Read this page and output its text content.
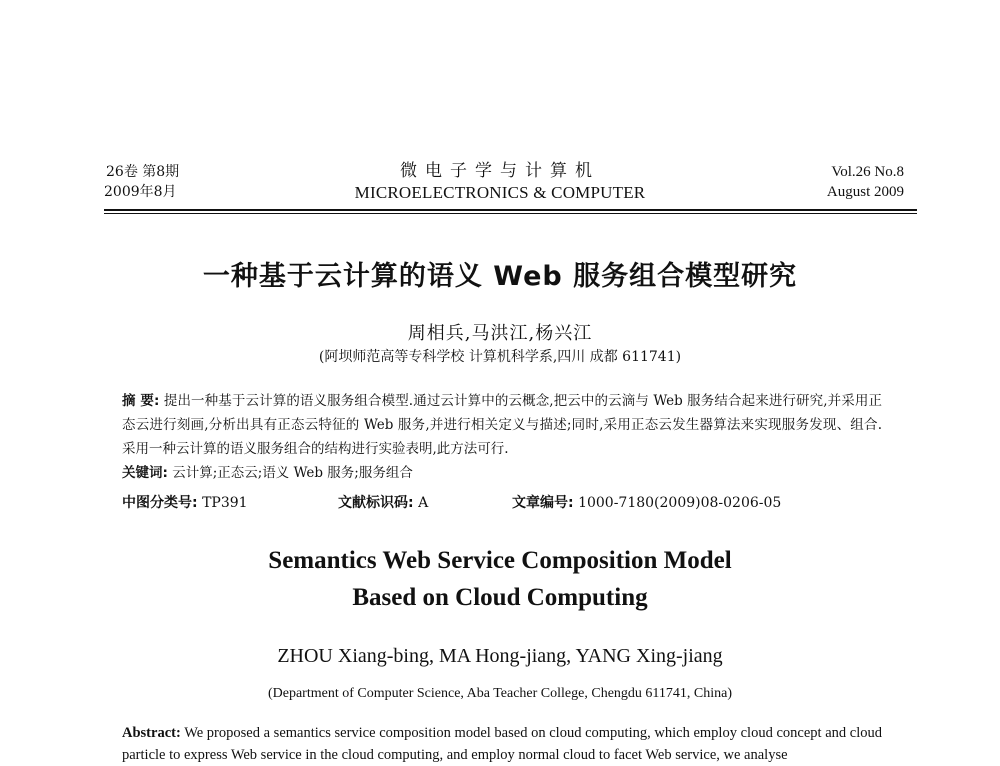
26卷 第8期
2009年8月
微电子学与计算机
MICROELECTRONICS & COMPUTER
Vol.26 No.8
August 2009
一种基于云计算的语义 Web 服务组合模型研究
周相兵,马洪江,杨兴江
(阿坝师范高等专科学校 计算机科学系,四川 成都 611741)
摘 要: 提出一种基于云计算的语义服务组合模型.通过云计算中的云概念,把云中的云滴与 Web 服务结合起来进行研究,并采用正态云进行刻画,分析出具有正态云特征的 Web 服务,并进行相关定义与描述;同时,采用正态云发生器算法来实现服务发现、组合.采用一种云计算的语义服务组合的结构进行实验表明,此方法可行.
关键词: 云计算;正态云;语义 Web 服务;服务组合
中图分类号: TP391	文献标识码: A	文章编号: 1000-7180(2009)08-0206-05
Semantics Web Service Composition Model
Based on Cloud Computing
ZHOU Xiang-bing, MA Hong-jiang, YANG Xing-jiang
(Department of Computer Science, Aba Teacher College, Chengdu 611741, China)
Abstract: We proposed a semantics service composition model based on cloud computing, which employ cloud concept and cloud particle to express Web service in the cloud computing, and employ normal cloud to facet Web service, we analyse
